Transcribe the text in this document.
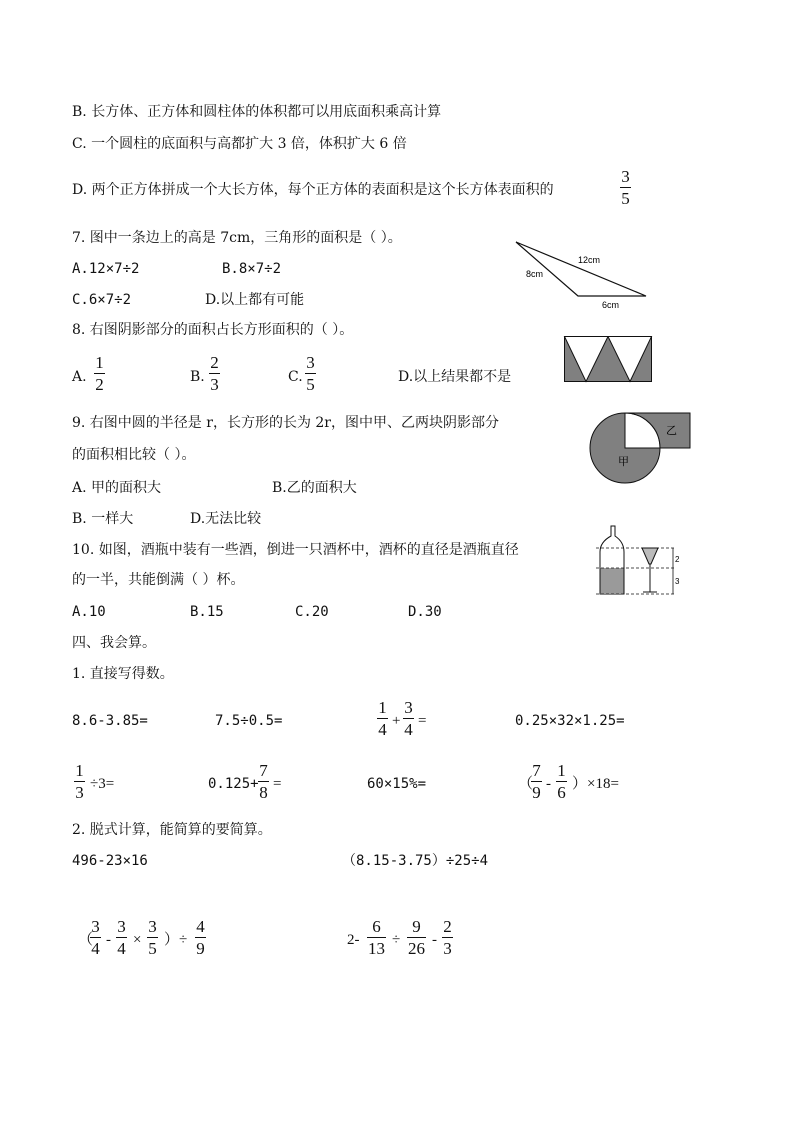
B. 长方体、正方体和圆柱体的体积都可以用底面积乘高计算
C. 一个圆柱的底面积与高都扩大 3 倍，体积扩大 6 倍
D. 两个正方体拼成一个大长方体，每个正方体的表面积是这个长方体表面积的
3
5
7. 图中一条边上的高是 7cm，三角形的面积是（ ）。
A.12×7÷2	B.8×7÷2
C.6×7÷2	D.以上都有可能
12cm
8cm
6cm
8. 右图阴影部分的面积占长方形面积的（ ）。
A.
1
2	B.
2
3	C.
3
5	D.以上结果都不是
9. 右图中圆的半径是 r，长方形的长为 2r，图中甲、乙两块阴影部分
的面积相比较（ ）。
A. 甲的面积大	B.乙的面积大
B. 一样大	D.无法比较
乙
甲
r
10. 如图，酒瓶中装有一些酒，倒进一只酒杯中，酒杯的直径是酒瓶直径
的一半，共能倒满（ ）杯。
A.10	B.15	C.20	D.30
2
3
四、我会算。
1. 直接写得数。
8.6-3.85=	7.5÷0.5=
1
4 +
3
4 =	0.25×32×1.25=
1
3 ÷3=	0.125+
7
8 =	60×15%=	（
7
9 -
1
6 ）×18=
2. 脱式计算，能简算的要简算。
496-23×16	（8.15-3.75）÷25÷4
（
3
4 -
3
4 ×
3
5 ）÷
4
9	2-
6
13 ÷
9
26 -
2
3
